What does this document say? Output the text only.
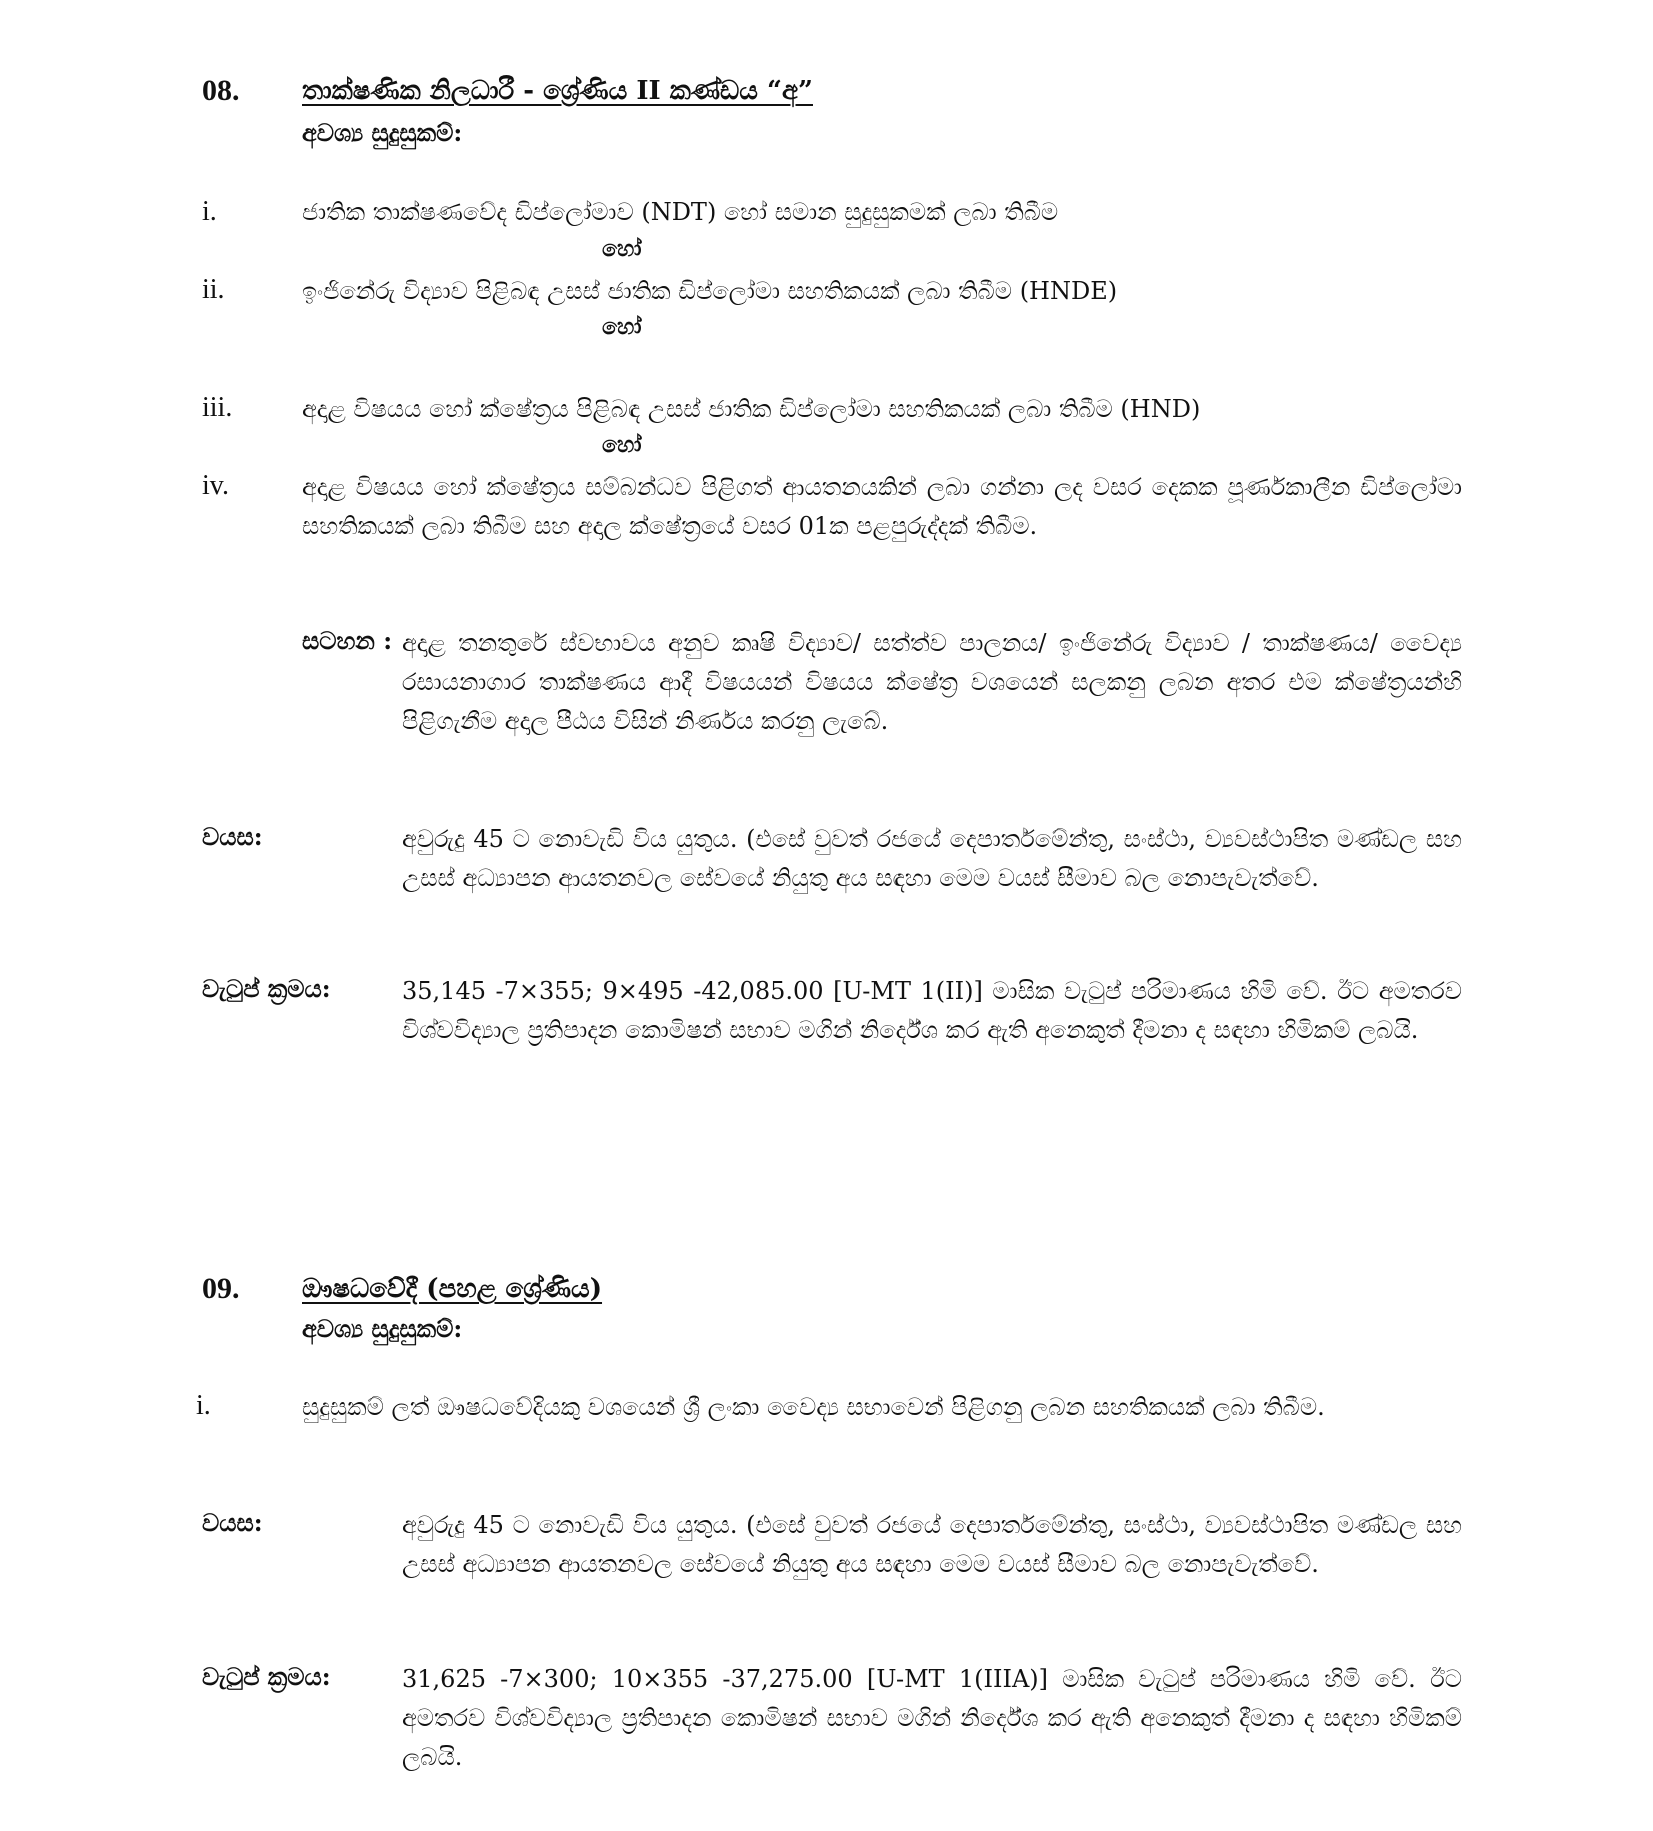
08. තාක්ෂණික නිලධාරී - ශ්‍රේණිය II කණ්ඩය “අ”
අවශ්‍ය සුදුසුකම්:
i.	ජාතික තාක්ෂණවේද ඩිප්ලෝමාව (NDT) හෝ සමාන සුදුසුකමක් ලබා තිබීම
හෝ
ii.	ඉංජිනේරු විද්‍යාව පිළිබඳ උසස් ජාතික ඩිප්ලෝමා සහතිකයක් ලබා තිබීම (HNDE)
හෝ
iii.	අදාළ විෂයය හෝ ක්ෂේත්‍රය පිළිබඳ උසස් ජාතික ඩිප්ලෝමා සහතිකයක් ලබා තිබීම (HND)
හෝ
iv.	අදාළ විෂයය හෝ ක්ෂේත්‍රය සම්බන්ධව පිළිගත් ආයතනයකින් ලබා ගන්නා ලද වසර දෙකක පූර්ණකාලීන ඩිප්ලෝමා සහතිකයක් ලබා තිබීම සහ අදාල ක්ෂේත්‍රයේ වසර 01ක පළපුරුද්දක් තිබීම.
සටහන : අදාළ තනතුරේ ස්වභාවය අනුව කෘෂි විද්‍යාව/ සත්ත්ව පාලනය/ ඉංජිනේරු විද්‍යාව / තාක්ෂණය/ වෛද්‍ය රසායනාගාර තාක්ෂණය ආදී විෂයයන් විෂයය ක්ෂේත්‍ර වශයෙන් සලකනු ලබන අතර එම ක්ෂේත්‍රයන්හි පිළිගැනීම අදාල පීඨය විසින් නිර්ණය කරනු ලැබේ.
වයස:	අවුරුදු 45 ට නොවැඩි විය යුතුය. (එසේ වුවත් රජයේ දෙපාර්තමේන්තු, සංස්ථා, ව්‍යවස්ථාපිත මණ්ඩල සහ උසස් අධ්‍යාපන ආයතනවල සේවයේ නියුතු අය සඳහා මෙම වයස් සීමාව බල නොපැවැත්වේ.
වැටුප් ක්‍රමය:	35,145 -7×355; 9×495 -42,085.00 [U-MT 1(II)] මාසික වැටුප් පරිමාණය හිමි වේ. ඊට අමතරව විශ්වවිද්‍යාල ප්‍රතිපාදන කොමිෂන් සභාව මගින් නිර්දේශ කර ඇති අනෙකුත් දීමනා ද සඳහා හිමිකම් ලබයි.
09. ඖෂධවේදී (පහළ ශ්‍රේණිය)
අවශ්‍ය සුදුසුකම්:
i.	සුදුසුකම් ලත් ඖෂධවේදියකු වශයෙන් ශ්‍රී ලංකා වෛද්‍ය සභාවෙන් පිළිගනු ලබන සහතිකයක් ලබා තිබීම.
වයස:	අවුරුදු 45 ට නොවැඩි විය යුතුය. (එසේ වුවත් රජයේ දෙපාර්තමේන්තු, සංස්ථා, ව්‍යවස්ථාපිත මණ්ඩල සහ උසස් අධ්‍යාපන ආයතනවල සේවයේ නියුතු අය සඳහා මෙම වයස් සීමාව බල නොපැවැත්වේ.
වැටුප් ක්‍රමය:	31,625 -7×300; 10×355 -37,275.00 [U-MT 1(IIIA)] මාසික වැටුප් පරිමාණය හිමි වේ. ඊට අමතරව විශ්වවිද්‍යාල ප්‍රතිපාදන කොමිෂන් සභාව මගින් නිර්දේශ කර ඇති අනෙකුත් දීමනා ද සඳහා හිමිකම් ලබයි.
